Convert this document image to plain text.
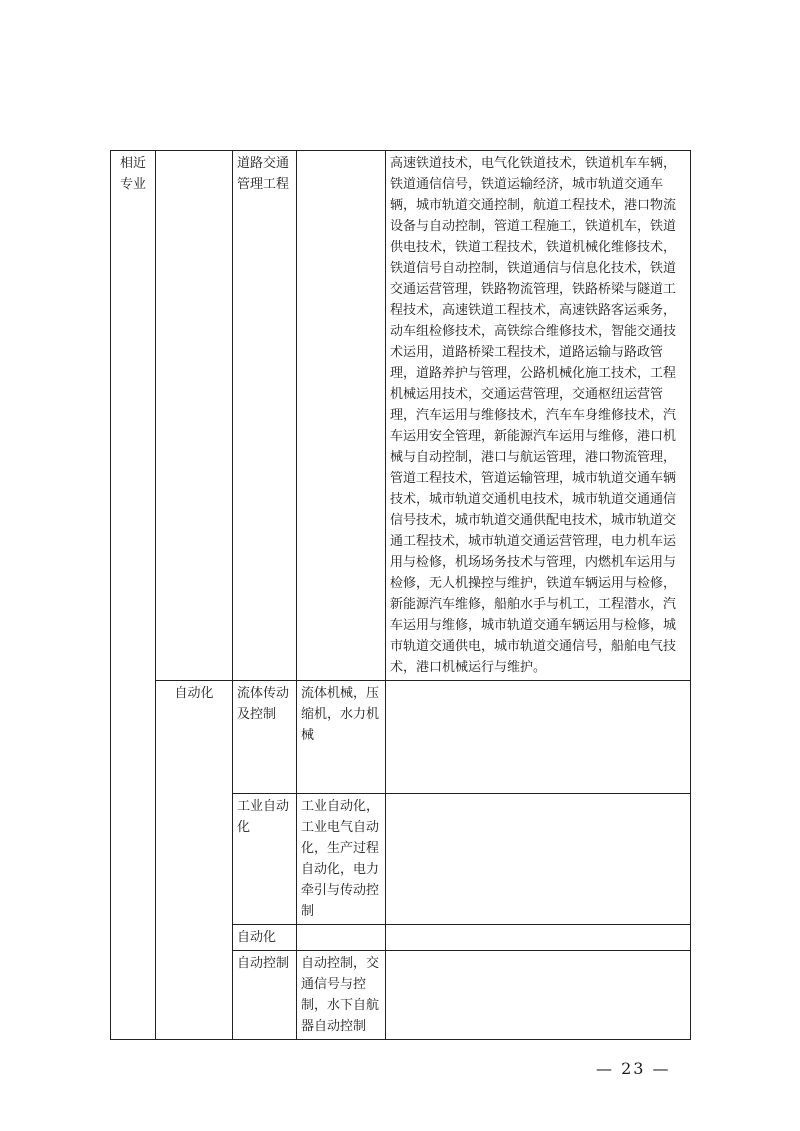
相近专业		道路交通管理工程		高速铁道技术，电气化铁道技术，铁道机车车辆，铁道通信信号，铁道运输经济，城市轨道交通车辆，城市轨道交通控制，航道工程技术，港口物流设备与自动控制，管道工程施工，铁道机车，铁道供电技术，铁道工程技术，铁道机械化维修技术，铁道信号自动控制，铁道通信与信息化技术，铁道交通运营管理，铁路物流管理，铁路桥梁与隧道工程技术，高速铁道工程技术，高速铁路客运乘务，动车组检修技术，高铁综合维修技术，智能交通技术运用，道路桥梁工程技术，道路运输与路政管理，道路养护与管理，公路机械化施工技术，工程机械运用技术，交通运营管理，交通枢纽运营管理，汽车运用与维修技术，汽车车身维修技术，汽车运用安全管理，新能源汽车运用与维修，港口机械与自动控制，港口与航运管理，港口物流管理，管道工程技术，管道运输管理，城市轨道交通车辆技术，城市轨道交通机电技术，城市轨道交通通信信号技术，城市轨道交通供配电技术，城市轨道交通工程技术，城市轨道交通运营管理，电力机车运用与检修，机场场务技术与管理，内燃机车运用与检修，无人机操控与维护，铁道车辆运用与检修，新能源汽车维修，船舶水手与机工，工程潜水，汽车运用与维修，城市轨道交通车辆运用与检修，城市轨道交通供电，城市轨道交通信号，船舶电气技术，港口机械运行与维护。
	自动化	流体传动及控制	流体机械，压缩机，水力机械	
		工业自动化	工业自动化，工业电气自动化，生产过程自动化，电力牵引与传动控制	
		自动化		
		自动控制	自动控制，交通信号与控制，水下自航器自动控制	
— 23 —
